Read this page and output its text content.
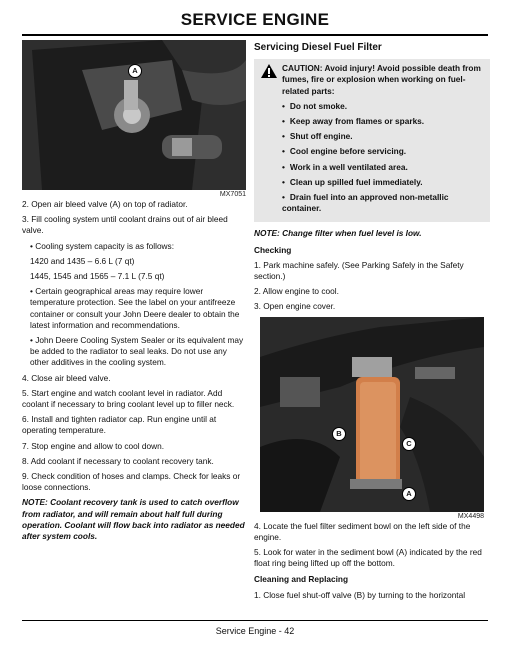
SERVICE ENGINE
A
MX7051

2. Open air bleed valve (A) on top of radiator.

3. Fill cooling system until coolant drains out of air bleed valve.

• Cooling system capacity is as follows:

1420 and 1435 – 6.6 L (7 qt)

1445, 1545 and 1565 – 7.1 L (7.5 qt)

• Certain geographical areas may require lower temperature protection. See the label on your antifreeze container or consult your John Deere dealer to obtain the latest information and recommendations.

• John Deere Cooling System Sealer or its equivalent may be added to the radiator to seal leaks. Do not use any other additives in the cooling system.

4. Close air bleed valve.

5. Start engine and watch coolant level in radiator. Add coolant if necessary to bring coolant level up to filler neck.

6. Install and tighten radiator cap. Run engine until at operating temperature.

7. Stop engine and allow to cool down.

8. Add coolant if necessary to coolant recovery tank.

9. Check condition of hoses and clamps. Check for leaks or loose connections.

NOTE: Coolant recovery tank is used to catch overflow from radiator, and will remain about half full during operation. Coolant will flow back into radiator as needed after system cools.

Servicing Diesel Fuel Filter
CAUTION: Avoid injury! Avoid possible death from fumes, fire or explosion when working on fuel-related parts:
• Do not smoke.
• Keep away from flames or sparks.
• Shut off engine.
• Cool engine before servicing.
• Work in a well ventilated area.
• Clean up spilled fuel immediately.
• Drain fuel into an approved non-metallic container.

NOTE: Change filter when fuel level is low.

Checking

1. Park machine safely. (See Parking Safely in the Safety section.)

2. Allow engine to cool.

3. Open engine cover.

B
C
A
MX4498

4. Locate the fuel filter sediment bowl on the left side of the engine.

5. Look for water in the sediment bowl (A) indicated by the red float ring being lifted up off the bottom.

Cleaning and Replacing

1. Close fuel shut-off valve (B) by turning to the horizontal

Service Engine - 42
